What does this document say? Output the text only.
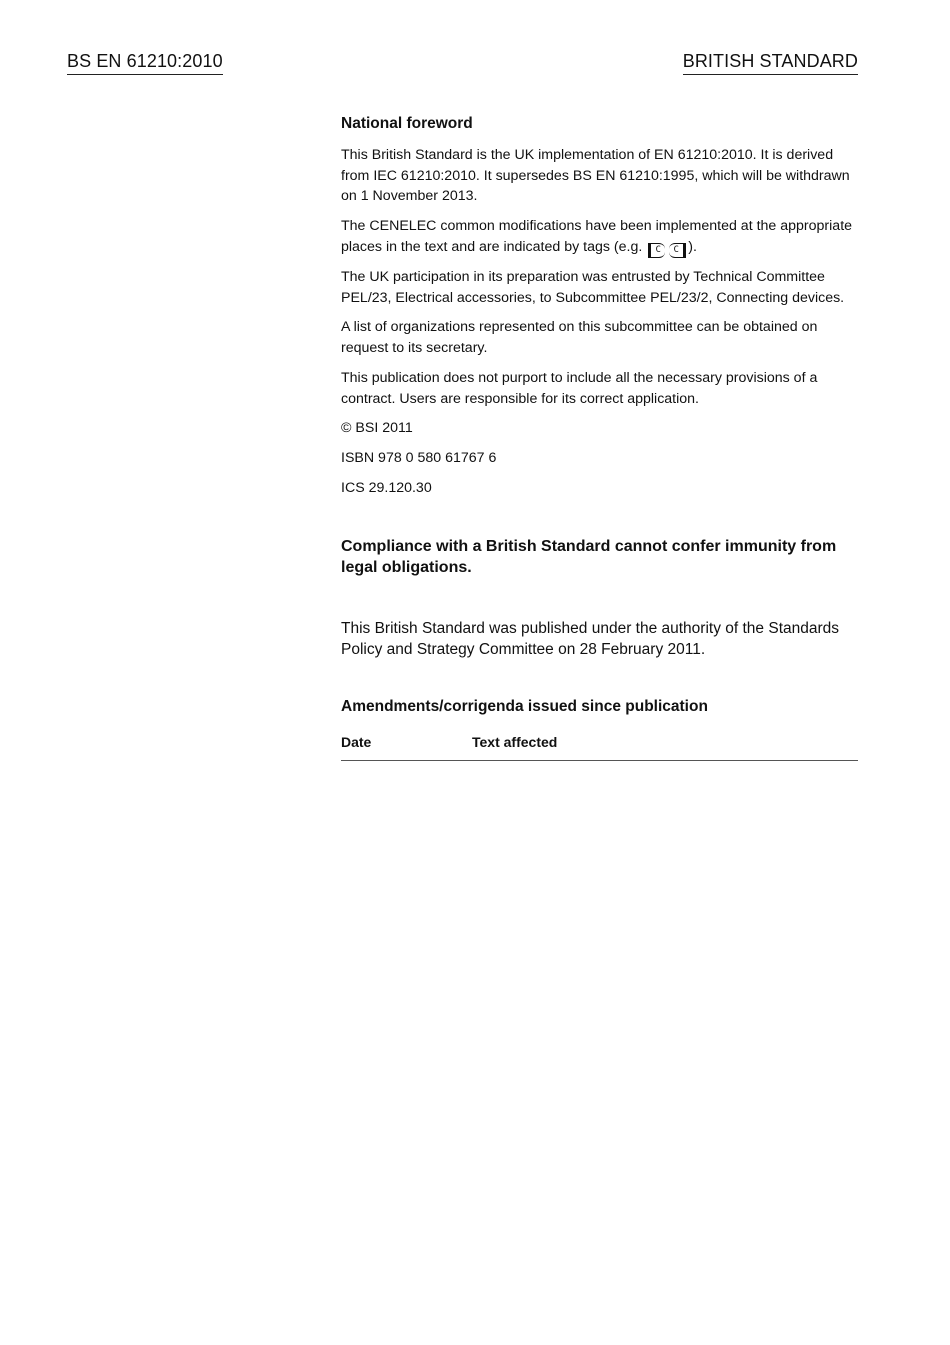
BS EN 61210:2010	BRITISH STANDARD
National foreword

This British Standard is the UK implementation of EN 61210:2010. It is derived from IEC 61210:2010. It supersedes BS EN 61210:1995, which will be withdrawn on 1 November 2013.

The CENELEC common modifications have been implemented at the appropriate places in the text and are indicated by tags (e.g. C C ).

The UK participation in its preparation was entrusted by Technical Committee PEL/23, Electrical accessories, to Subcommittee PEL/23/2, Connecting devices.

A list of organizations represented on this subcommittee can be obtained on request to its secretary.

This publication does not purport to include all the necessary provisions of a contract. Users are responsible for its correct application.

© BSI 2011
ISBN 978 0 580 61767 6
ICS 29.120.30
Compliance with a British Standard cannot confer immunity from legal obligations.
This British Standard was published under the authority of the Standards Policy and Strategy Committee on 28 February 2011.
Amendments/corrigenda issued since publication
Date	Text affected
